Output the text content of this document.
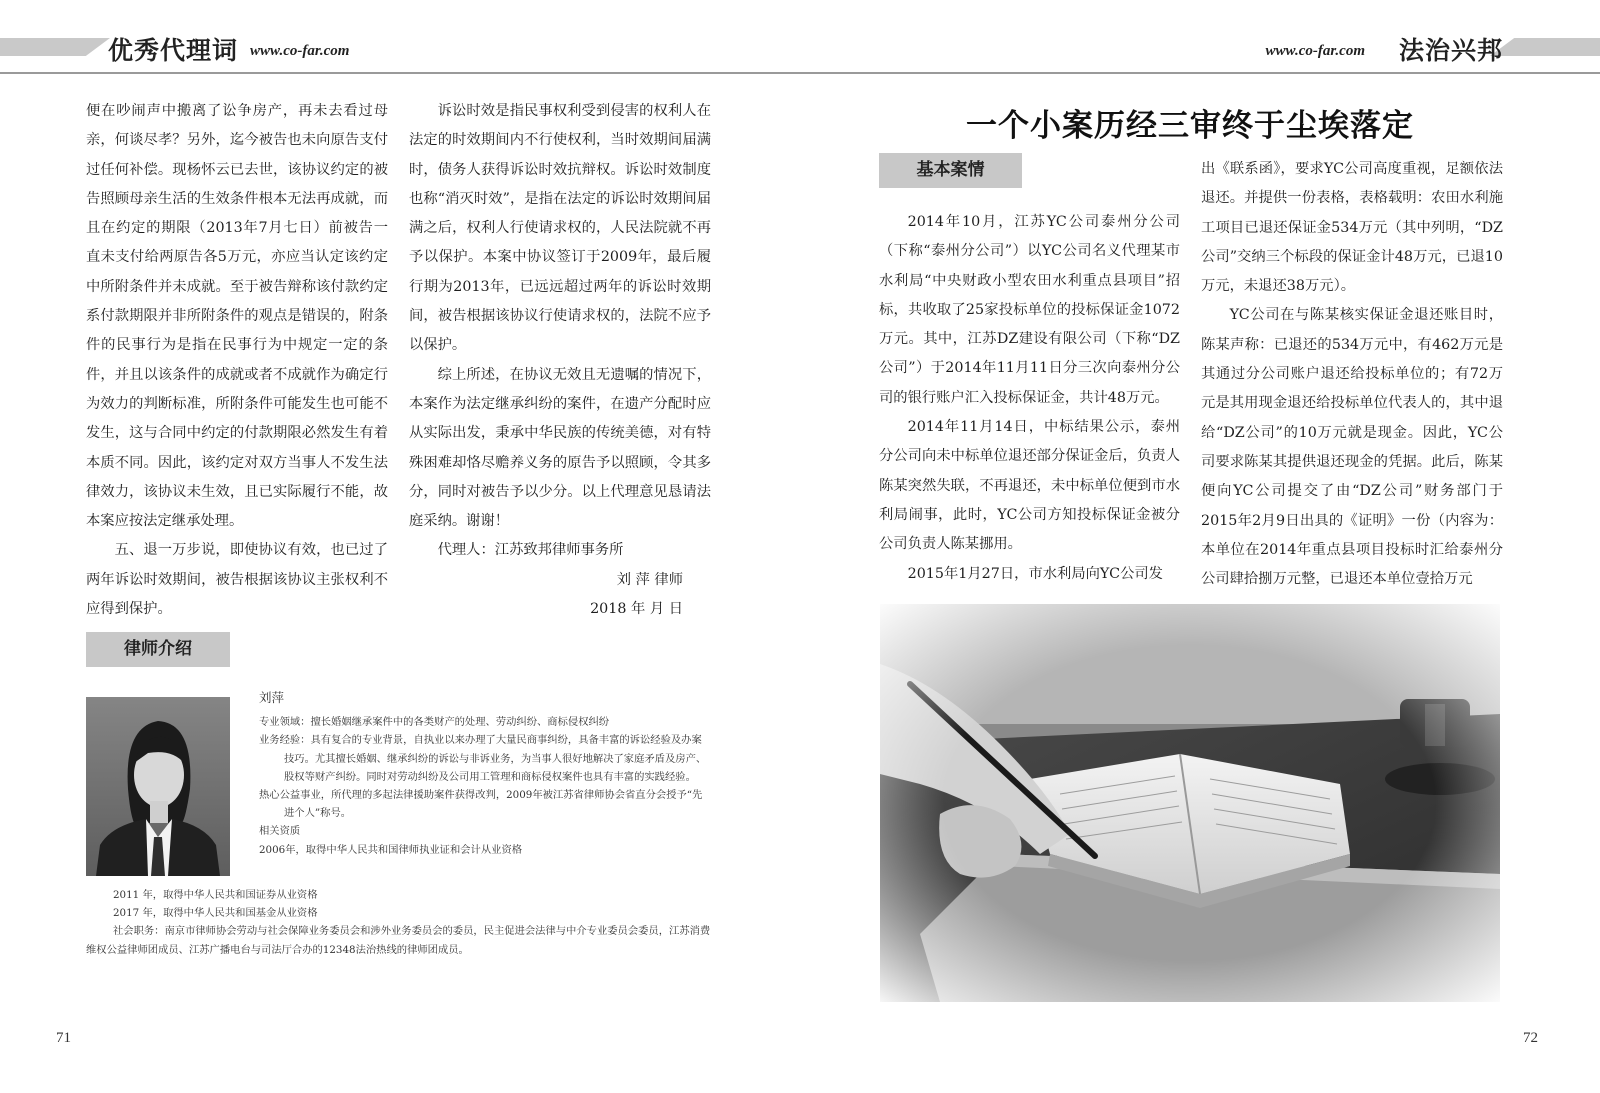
优秀代理词 www.co-far.com	www.co-far.com 法治兴邦

便在吵闹声中搬离了讼争房产，再未去看过母亲，何谈尽孝？另外，迄今被告也未向原告支付过任何补偿。现杨怀云已去世，该协议约定的被告照顾母亲生活的生效条件根本无法再成就，而且在约定的期限（2013年7月七日）前被告一直未支付给两原告各5万元，亦应当认定该约定中所附条件并未成就。至于被告辩称该付款约定系付款期限并非所附条件的观点是错误的，附条件的民事行为是指在民事行为中规定一定的条件，并且以该条件的成就或者不成就作为确定行为效力的判断标准，所附条件可能发生也可能不发生，这与合同中约定的付款期限必然发生有着本质不同。因此，该约定对双方当事人不发生法律效力，该协议未生效，且已实际履行不能，故本案应按法定继承处理。

五、退一万步说，即使协议有效，也已过了两年诉讼时效期间，被告根据该协议主张权利不应得到保护。

诉讼时效是指民事权利受到侵害的权利人在法定的时效期间内不行使权利，当时效期间届满时，债务人获得诉讼时效抗辩权。诉讼时效制度也称“消灭时效”，是指在法定的诉讼时效期间届满之后，权利人行使请求权的，人民法院就不再予以保护。本案中协议签订于2009年，最后履行期为2013年，已远远超过两年的诉讼时效期间，被告根据该协议行使请求权的，法院不应予以保护。

综上所述，在协议无效且无遗嘱的情况下，本案作为法定继承纠纷的案件，在遗产分配时应从实际出发，秉承中华民族的传统美德，对有特殊困难却恪尽赡养义务的原告予以照顾，令其多分，同时对被告予以少分。以上代理意见恳请法庭采纳。谢谢！

代理人：江苏致邦律师事务所

刘 萍 律师

2018 年 月 日

律师介绍

刘萍

专业领域：擅长婚姻继承案件中的各类财产的处理、劳动纠纷、商标侵权纠纷

业务经验：具有复合的专业背景，自执业以来办理了大量民商事纠纷，具备丰富的诉讼经验及办案技巧。尤其擅长婚姻、继承纠纷的诉讼与非诉业务，为当事人很好地解决了家庭矛盾及房产、股权等财产纠纷。同时对劳动纠纷及公司用工管理和商标侵权案件也具有丰富的实践经验。

热心公益事业，所代理的多起法律援助案件获得改判，2009年被江苏省律师协会省直分会授予“先进个人”称号。

相关资质

2006年，取得中华人民共和国律师执业证和会计从业资格

2011 年，取得中华人民共和国证券从业资格

2017 年，取得中华人民共和国基金从业资格

社会职务：南京市律师协会劳动与社会保障业务委员会和涉外业务委员会的委员，民主促进会法律与中介专业委员会委员，江苏消费维权公益律师团成员、江苏广播电台与司法厅合办的12348法治热线的律师团成员。

一个小案历经三审终于尘埃落定
基本案情

2014年10月，江苏YC公司泰州分公司（下称“泰州分公司”）以YC公司名义代理某市水利局“中央财政小型农田水利重点县项目”招标，共收取了25家投标单位的投标保证金1072万元。其中，江苏DZ建设有限公司（下称“DZ公司”）于2014年11月11日分三次向泰州分公司的银行账户汇入投标保证金，共计48万元。

2014年11月14日，中标结果公示，泰州分公司向未中标单位退还部分保证金后，负责人陈某突然失联，不再退还，未中标单位便到市水利局闹事，此时，YC公司方知投标保证金被分公司负责人陈某挪用。

2015年1月27日，市水利局向YC公司发

出《联系函》，要求YC公司高度重视，足额依法退还。并提供一份表格，表格载明：农田水利施工项目已退还保证金534万元（其中列明，“DZ公司”交纳三个标段的保证金计48万元，已退10万元，未退还38万元）。

YC公司在与陈某核实保证金退还账目时，陈某声称：已退还的534万元中，有462万元是其通过分公司账户退还给投标单位的；有72万元是其用现金退还给投标单位代表人的，其中退给“DZ公司”的10万元就是现金。因此，YC公司要求陈某其提供退还现金的凭据。此后，陈某便向YC公司提交了由“DZ公司”财务部门于2015年2月9日出具的《证明》一份（内容为：本单位在2014年重点县项目投标时汇给泰州分公司肆拾捌万元整，已退还本单位壹拾万元

71	72
